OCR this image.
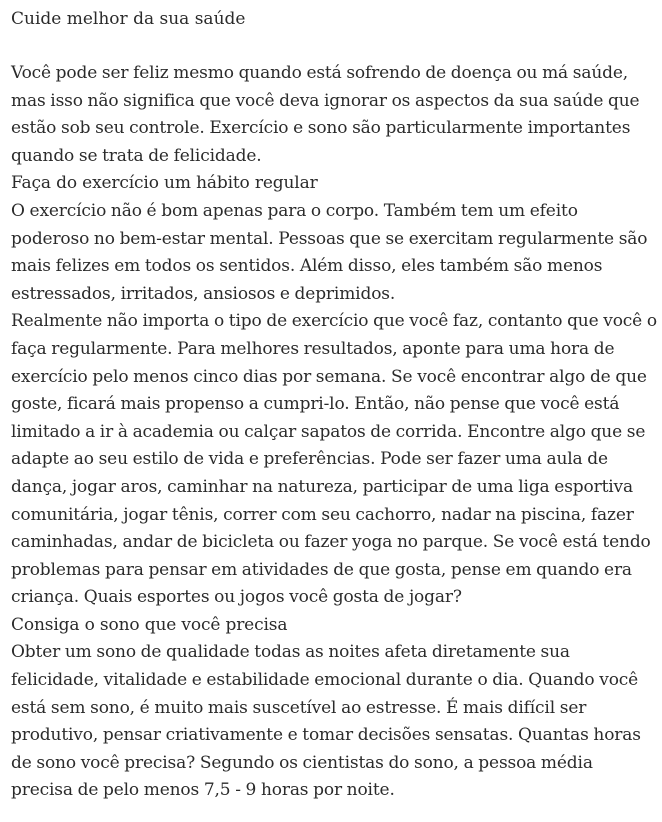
Cuide melhor da sua saúde

Você pode ser feliz mesmo quando está sofrendo de doença ou má saúde, mas isso não significa que você deva ignorar os aspectos da sua saúde que estão sob seu controle. Exercício e sono são particularmente importantes quando se trata de felicidade.

Faça do exercício um hábito regular

O exercício não é bom apenas para o corpo. Também tem um efeito poderoso no bem-estar mental. Pessoas que se exercitam regularmente são mais felizes em todos os sentidos. Além disso, eles também são menos estressados, irritados, ansiosos e deprimidos.

Realmente não importa o tipo de exercício que você faz, contanto que você o faça regularmente. Para melhores resultados, aponte para uma hora de exercício pelo menos cinco dias por semana. Se você encontrar algo de que goste, ficará mais propenso a cumpri-lo. Então, não pense que você está limitado a ir à academia ou calçar sapatos de corrida. Encontre algo que se adapte ao seu estilo de vida e preferências. Pode ser fazer uma aula de dança, jogar aros, caminhar na natureza, participar de uma liga esportiva comunitária, jogar tênis, correr com seu cachorro, nadar na piscina, fazer caminhadas, andar de bicicleta ou fazer yoga no parque. Se você está tendo problemas para pensar em atividades de que gosta, pense em quando era criança. Quais esportes ou jogos você gosta de jogar?

Consiga o sono que você precisa

Obter um sono de qualidade todas as noites afeta diretamente sua felicidade, vitalidade e estabilidade emocional durante o dia. Quando você está sem sono, é muito mais suscetível ao estresse. É mais difícil ser produtivo, pensar criativamente e tomar decisões sensatas. Quantas horas de sono você precisa? Segundo os cientistas do sono, a pessoa média precisa de pelo menos 7,5 - 9 horas por noite.
